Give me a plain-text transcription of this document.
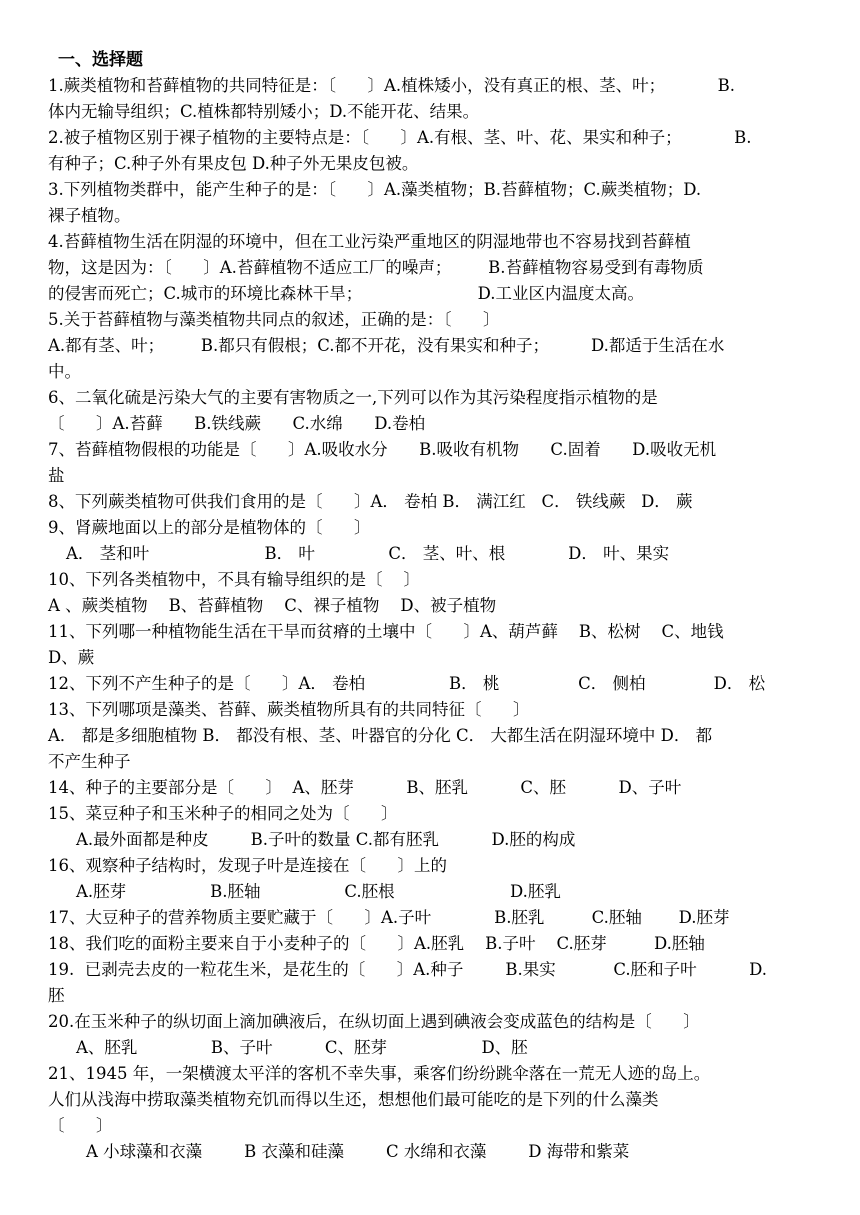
一、选择题
1.蕨类植物和苔藓植物的共同特征是：〔      〕A.植株矮小，没有真正的根、茎、叶；          B.
体内无输导组织；C.植株都特别矮小；D.不能开花、结果。
2.被子植物区别于裸子植物的主要特点是：〔      〕A.有根、茎、叶、花、果实和种子；          B.
有种子；C.种子外有果皮包 D.种子外无果皮包被。
3.下列植物类群中，能产生种子的是：〔      〕A.藻类植物；B.苔藓植物；C.蕨类植物；D.
裸子植物。
4.苔藓植物生活在阴湿的环境中，但在工业污染严重地区的阴湿地带也不容易找到苔藓植
物，这是因为：〔      〕A.苔藓植物不适应工厂的噪声；       B.苔藓植物容易受到有毒物质
的侵害而死亡；C.城市的环境比森林干旱；                      D.工业区内温度太高。
5.关于苔藓植物与藻类植物共同点的叙述，正确的是：〔      〕
A.都有茎、叶；       B.都只有假根；C.都不开花，没有果实和种子；        D.都适于生活在水
中。
6、二氧化硫是污染大气的主要有害物质之一,下列可以作为其污染程度指示植物的是
〔      〕A.苔藓      B.铁线蕨      C.水绵      D.卷柏
7、苔藓植物假根的功能是〔      〕A.吸收水分      B.吸收有机物      C.固着      D.吸收无机
盐
8、下列蕨类植物可供我们食用的是〔      〕A． 卷柏 B． 满江红   C． 铁线蕨   D． 蕨
9、肾蕨地面以上的部分是植物体的〔      〕
A． 茎和叶                      B． 叶              C． 茎、叶、根            D． 叶、果实
10、下列各类植物中，不具有输导组织的是〔    〕
A 、蕨类植物    B、苔藓植物    C、裸子植物    D、被子植物
11、下列哪一种植物能生活在干旱而贫瘠的土壤中〔      〕A、葫芦藓    B、松树    C、地钱
D、蕨
12、下列不产生种子的是〔      〕A． 卷柏                B． 桃               C． 侧柏             D． 松
13、下列哪项是藻类、苔藓、蕨类植物所具有的共同特征〔      〕
A． 都是多细胞植物 B． 都没有根、茎、叶器官的分化 C． 大都生活在阴湿环境中 D． 都
不产生种子
14、种子的主要部分是〔      〕  A、胚芽          B、胚乳          C、胚          D、子叶
15、菜豆种子和玉米种子的相同之处为〔      〕
A.最外面都是种皮        B.子叶的数量 C.都有胚乳          D.胚的构成
16、观察种子结构时，发现子叶是连接在〔      〕上的
A.胚芽                B.胚轴                C.胚根                      D.胚乳
17、大豆种子的营养物质主要贮藏于〔      〕A.子叶            B.胚乳         C.胚轴       D.胚芽
18、我们吃的面粉主要来自于小麦种子的〔      〕A.胚乳    B.子叶    C.胚芽         D.胚轴
19.  已剥壳去皮的一粒花生米，是花生的〔      〕A.种子        B.果实           C.胚和子叶          D.
胚
20.在玉米种子的纵切面上滴加碘液后，在纵切面上遇到碘液会变成蓝色的结构是〔      〕
A、胚乳              B、子叶          C、胚芽                  D、胚
21、1945 年，一架横渡太平洋的客机不幸失事，乘客们纷纷跳伞落在一荒无人迹的岛上。
人们从浅海中捞取藻类植物充饥而得以生还，想想他们最可能吃的是下列的什么藻类
〔      〕
A 小球藻和衣藻        B 衣藻和硅藻        C 水绵和衣藻        D 海带和紫菜
